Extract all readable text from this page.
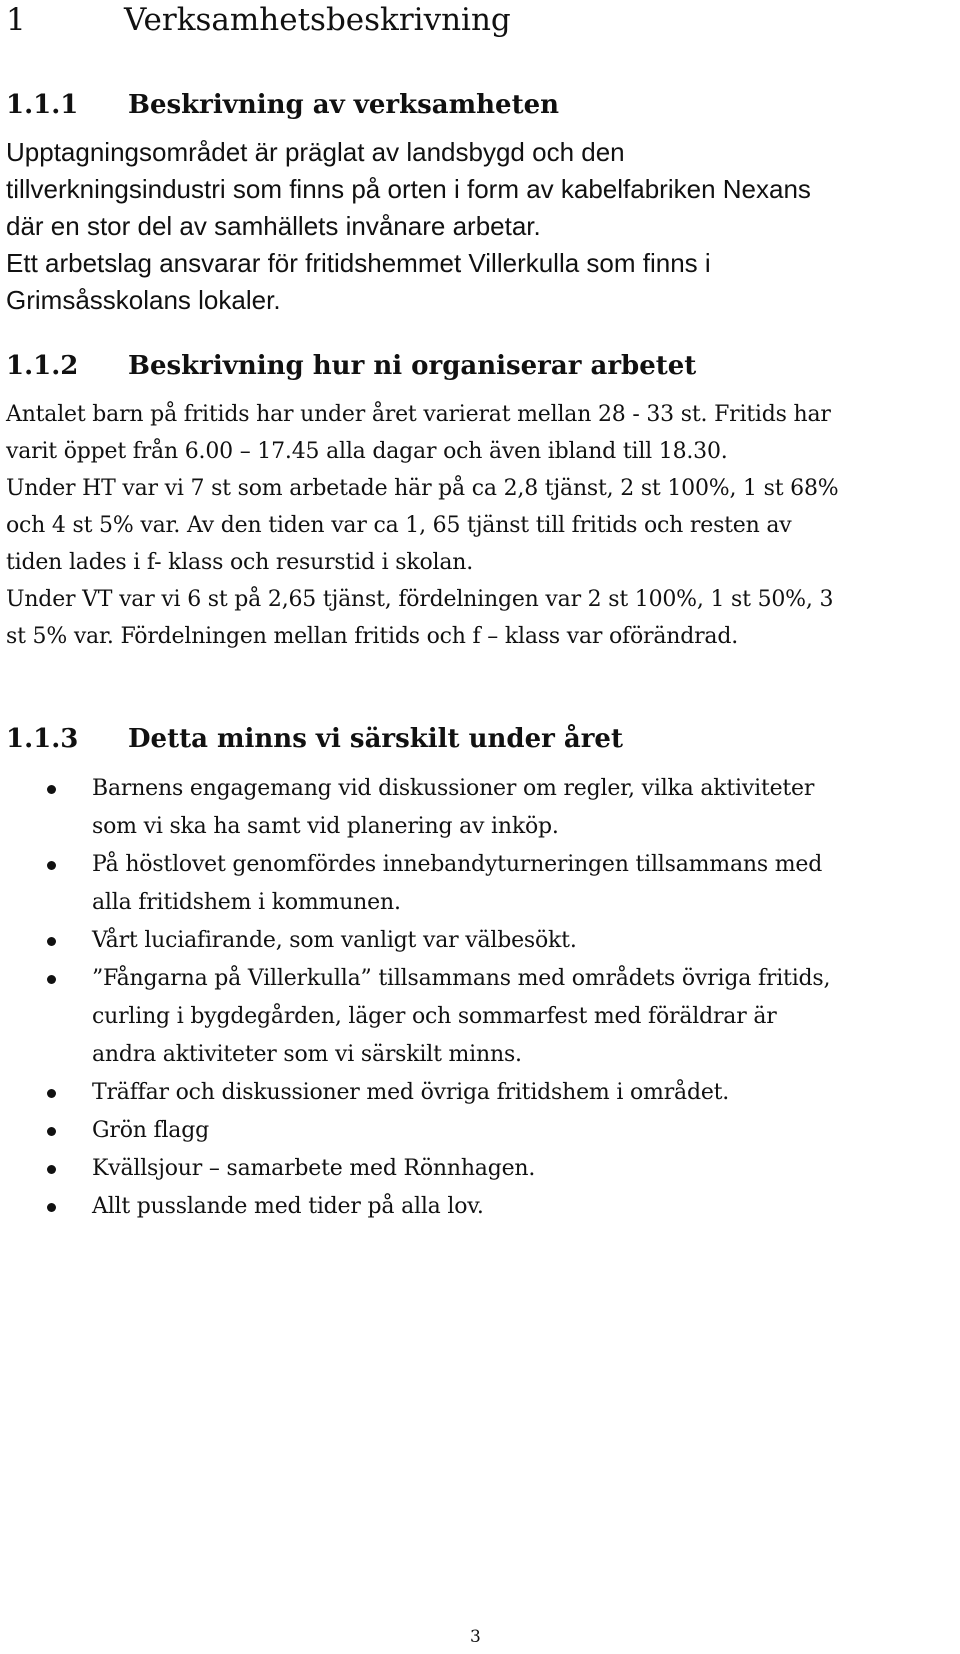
1	Verksamhetsbeskrivning
1.1.1 Beskrivning av verksamheten
Upptagningsområdet är präglat av landsbygd och den
tillverkningsindustri som finns på orten i form av kabelfabriken Nexans
där en stor del av samhällets invånare arbetar.
Ett arbetslag ansvarar för fritidshemmet Villerkulla som finns i
Grimsåsskolans lokaler.
1.1.2 Beskrivning hur ni organiserar arbetet
Antalet barn på fritids har under året varierat mellan 28 - 33 st. Fritids har
varit öppet från 6.00 – 17.45 alla dagar och även ibland till 18.30.
Under HT var vi 7 st som arbetade här på ca 2,8 tjänst, 2 st 100%, 1 st 68%
och 4 st 5% var. Av den tiden var ca 1, 65 tjänst till fritids och resten av
tiden lades i f- klass och resurstid i skolan.
Under VT var vi 6 st på 2,65 tjänst, fördelningen var 2 st 100%, 1 st 50%, 3
st 5% var. Fördelningen mellan fritids och f – klass var oförändrad.
1.1.3 Detta minns vi särskilt under året
Barnens engagemang vid diskussioner om regler, vilka aktiviteter
som vi ska ha samt vid planering av inköp.
På höstlovet genomfördes innebandyturneringen tillsammans med
alla fritidshem i kommunen.
Vårt luciafirande, som vanligt var välbesökt.
”Fångarna på Villerkulla” tillsammans med områdets övriga fritids,
curling i bygdegården, läger och sommarfest med föräldrar är
andra aktiviteter som vi särskilt minns.
Träffar och diskussioner med övriga fritidshem i området.
Grön flagg
Kvällsjour – samarbete med Rönnhagen.
Allt pusslande med tider på alla lov.
3
